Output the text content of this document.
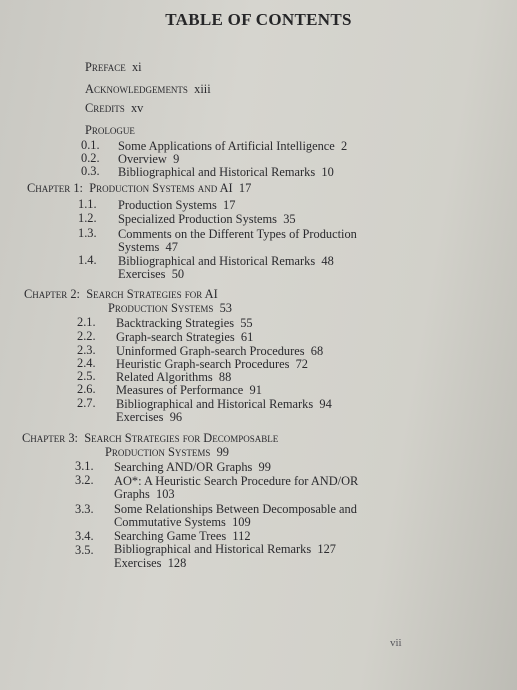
TABLE OF CONTENTS
Preface xi
Acknowledgements xiii
Credits xv
Prologue
0.1. Some Applications of Artificial Intelligence 2
0.2. Overview 9
0.3. Bibliographical and Historical Remarks 10
Chapter 1: Production Systems and AI 17
1.1. Production Systems 17
1.2. Specialized Production Systems 35
1.3. Comments on the Different Types of Production
Systems 47
1.4. Bibliographical and Historical Remarks 48
Exercises 50
Chapter 2: Search Strategies for AI
Production Systems 53
2.1. Backtracking Strategies 55
2.2. Graph-search Strategies 61
2.3. Uninformed Graph-search Procedures 68
2.4. Heuristic Graph-search Procedures 72
2.5. Related Algorithms 88
2.6. Measures of Performance 91
2.7. Bibliographical and Historical Remarks 94
Exercises 96
Chapter 3: Search Strategies for Decomposable
Production Systems 99
3.1. Searching AND/OR Graphs 99
3.2. AO*: A Heuristic Search Procedure for AND/OR
Graphs 103
3.3. Some Relationships Between Decomposable and
Commutative Systems 109
3.4. Searching Game Trees 112
3.5. Bibliographical and Historical Remarks 127
Exercises 128
vii
